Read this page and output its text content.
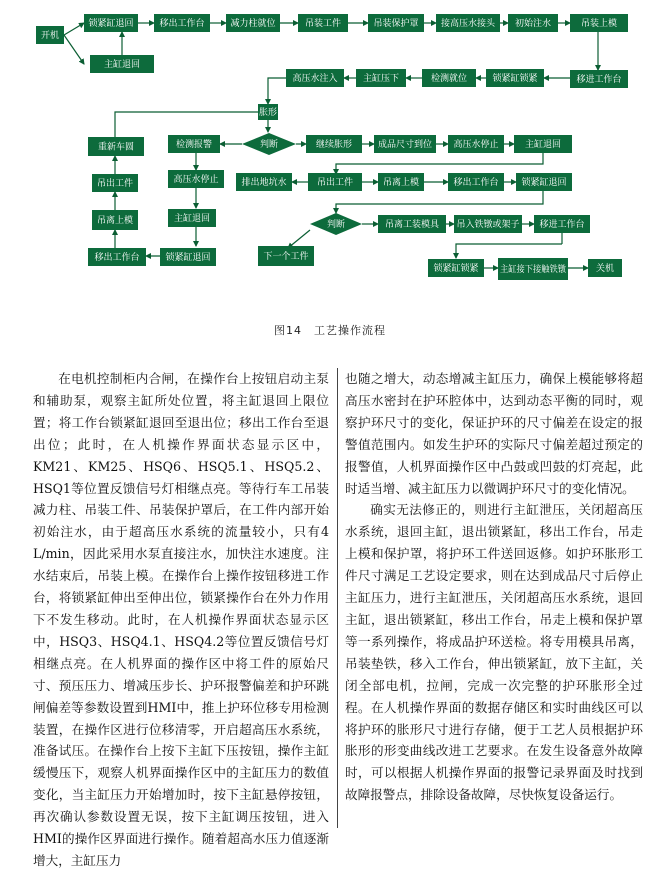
开机
锁紧缸退回
主缸退回
移出工作台	减力柱就位	吊装工件	吊装保护罩 接高压水接头 初始注水	吊装上模
移进工作台
锁紧缸锁紧
检测就位
主缸压下
高压水注入
胀形
继续胀形	成品尺寸到位 高压水停止	主缸退回
检测报警
重新车圆
高压水停止
吊出工件	排出地坑水	吊出工件	吊离上模	移出工作台	锁紧缸退回
主缸退回
吊离上模
锁紧缸退回
移出工作台	下一个工件
吊离工装模具 吊入铁镦或架子 移进工作台
锁紧缸锁紧 主缸接下接触铁镦	关机
判断
判断
图14　工艺操作流程

在电机控制柜内合闸，在操作台上按钮启动主泵和辅助泵，观察主缸所处位置，将主缸退回上限位置；将工作台锁紧缸退回至退出位；移出工作台至退出位；此时，在人机操作界面状态显示区中，KM21、KM25、HSQ6、HSQ5.1、HSQ5.2、HSQ1等位置反馈信号灯相继点亮。等待行车工吊装减力柱、吊装工件、吊装保护罩后，在工件内部开始初始注水，由于超高压水系统的流量较小，只有4 L/min，因此采用水泵直接注水，加快注水速度。注水结束后，吊装上模。在操作台上操作按钮移进工作台，将锁紧缸伸出至伸出位，锁紧操作台在外力作用下不发生移动。此时，在人机操作界面状态显示区中，HSQ3、HSQ4.1、HSQ4.2等位置反馈信号灯相继点亮。在人机界面的操作区中将工件的原始尺寸、预压压力、增减压步长、护环报警偏差和护环跳闸偏差等参数设置到HMI中，推上护环位移专用检测装置，在操作区进行位移清零，开启超高压水系统，准备试压。在操作台上按下主缸下压按钮，操作主缸缓慢压下，观察人机界面操作区中的主缸压力的数值变化，当主缸压力开始增加时，按下主缸悬停按钮，再次确认参数设置无误，按下主缸调压按钮，进入HMI的操作区界面进行操作。随着超高水压力值逐渐增大，主缸压力

也随之增大，动态增减主缸压力，确保上模能够将超高压水密封在护环腔体中，达到动态平衡的同时，观察护环尺寸的变化，保证护环的尺寸偏差在设定的报警值范围内。如发生护环的实际尺寸偏差超过预定的报警值，人机界面操作区中凸鼓或凹鼓的灯亮起，此时适当增、减主缸压力以微调护环尺寸的变化情况。

确实无法修正的，则进行主缸泄压，关闭超高压水系统，退回主缸，退出锁紧缸，移出工作台，吊走上模和保护罩，将护环工件送回返修。如护环胀形工件尺寸满足工艺设定要求，则在达到成品尺寸后停止主缸压力，进行主缸泄压，关闭超高压水系统，退回主缸，退出锁紧缸，移出工作台，吊走上模和保护罩等一系列操作，将成品护环送检。将专用模具吊离，吊装垫铁，移入工作台，伸出锁紧缸，放下主缸，关闭全部电机，拉闸，完成一次完整的护环胀形全过程。在人机操作界面的数据存储区和实时曲线区可以将护环的胀形尺寸进行存储，便于工艺人员根据护环胀形的形变曲线改进工艺要求。在发生设备意外故障时，可以根据人机操作界面的报警记录界面及时找到故障报警点，排除设备故障，尽快恢复设备运行。
